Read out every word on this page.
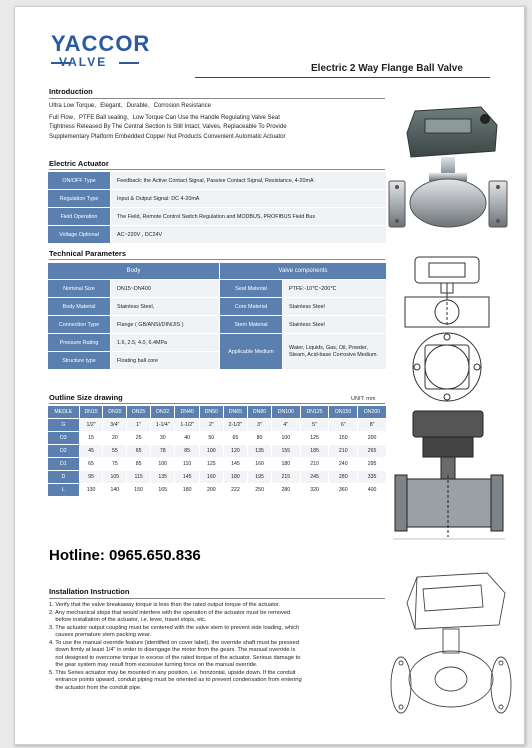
YACCOR
VALVE	Electric 2 Way Flange Ball Valve
Introduction
Ultra Low Torque、Elegant、Durable、Corrosion Resistance
Full Flow、PTFE Ball sealing、Low Torque Can Use the Handle Regulating Valve Seat
Tightness Released By The Central Section Is Still Intact, Valves, Replaceable To Provide
Supplementary Platform Embedded Copper Nut Products Convenient Automatic Actuator
Electric Actuator
ON/OFF Type	Feedback: the Active Contact Signal, Passive Contact Signal, Resistance, 4-20mA
Regulation Type	Input & Output Signal: DC 4-20mA
Field Operation	The Field, Remote Control Switch Regulation and MODBUS, PROFIBUS Field Bus
Voltage Optional	AC~220V , DC24V
Technical Parameters
Body		Valve components	
Nominal Size	DN15~DN400	Seat Material	PTFE:-10℃~200℃
Body Material	Stainless Steel,	Core Material	Stainless Steel
Connection Type	Flange ( GB/ANSI/DIN/JIS )	Stem Material	Stainless Steel
Pressure Rating	1.6, 2.5, 4.0, 6.4MPa	Applicable Medium	Water, Liquids, Gas, Oil, Powder, Steam, Acid-base Corrosive Medium.
Structure type	Floating ball core		
Outline Size drawing	UNIT: mm
MEDLE	DN15	DN20	DN25	DN32	DN40	DN50	DN65	DN80	DN100	DN125	DN150	DN200
G	1/2"	3/4"	1"	1-1/4"	1-1/2"	2"	2-1/2"	3"	4"	5"	6"	8"
D3	15	20	25	30	40	50	65	80	100	125	150	200
D2	45	55	65	78	85	100	120	135	155	185	210	265
D1	65	75	85	100	110	125	145	160	180	210	240	295
D	95	105	115	135	145	160	180	195	215	245	280	335
L	130	140	150	165	180	200	222	250	280	320	360	400
Hotline: 0965.650.836
Installation Instruction

1. Verify that the valve breakaway torque is less than the rated output torque of the actuator.

2. Any mechanical stops that would interfere with the operation of the actuator must be removed

before installation of the actuator, i.e. lever, travel stops, etc.

3. The actuator output coupling must be centered with the valve stem to prevent side loading, which

causes premature stem packing wear.

4. To use the manual override feature (identified on cover label), the override shaft must be pressed

down firmly at least 1/4" in order to disengage the motor from the gears. The manual override is

not designed to overcome torque in excess of the rated torque of the actuator. Serious damage to

the gear system may result from excessive turning force on the manual override.

5. This Series actuator may be mounted in any position, i.e. horizontal, upside down. If the conduit

entrance points upward, conduit piping must be oriented as to prevent condensation from entering

the actuator from the conduit pipe.
